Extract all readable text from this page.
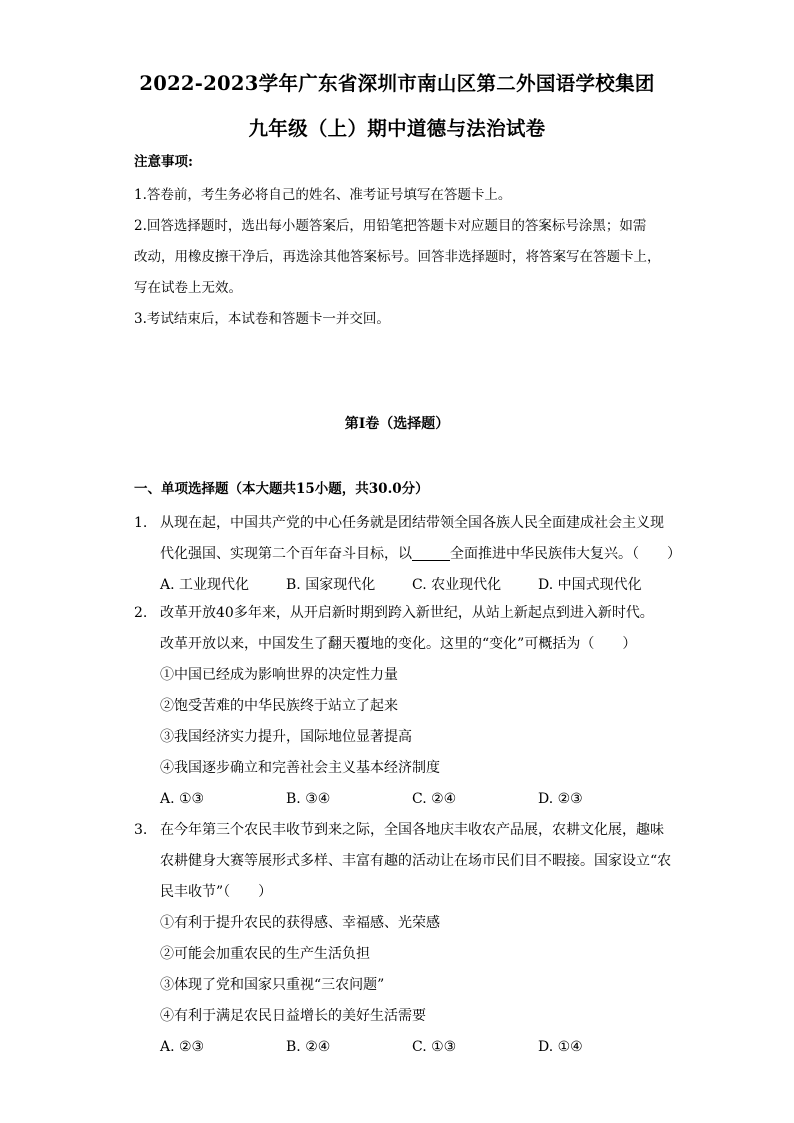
2022-2023学年广东省深圳市南山区第二外国语学校集团
九年级（上）期中道德与法治试卷
注意事项:
1.答卷前，考生务必将自己的姓名、准考证号填写在答题卡上。
2.回答选择题时，选出每小题答案后，用铅笔把答题卡对应题目的答案标号涂黑；如需
改动，用橡皮擦干净后，再选涂其他答案标号。回答非选择题时，将答案写在答题卡上，
写在试卷上无效。
3.考试结束后，本试卷和答题卡一并交回。
第I卷（选择题）
一、单项选择题（本大题共15小题，共30.0分）
1. 从现在起，中国共产党的中心任务就是团结带领全国各族人民全面建成社会主义现
代化强国、实现第二个百年奋斗目标，以	全面推进中华民族伟大复兴。（　　）
A. 工业现代化	B. 国家现代化	C. 农业现代化	D. 中国式现代化
2. 改革开放40多年来，从开启新时期到跨入新世纪，从站上新起点到进入新时代。
改革开放以来，中国发生了翻天覆地的变化。这里的“变化”可概括为（　　）
①中国已经成为影响世界的决定性力量
②饱受苦难的中华民族终于站立了起来
③我国经济实力提升，国际地位显著提高
④我国逐步确立和完善社会主义基本经济制度
A. ①③	B. ③④	C. ②④	D. ②③
3. 在今年第三个农民丰收节到来之际，全国各地庆丰收农产品展，农耕文化展，趣味
农耕健身大赛等展形式多样、丰富有趣的活动让在场市民们目不暇接。国家设立“农
民丰收节”（　　）
①有利于提升农民的获得感、幸福感、光荣感
②可能会加重农民的生产生活负担
③体现了党和国家只重视“三农问题”
④有利于满足农民日益增长的美好生活需要
A. ②③	B. ②④	C. ①③	D. ①④
